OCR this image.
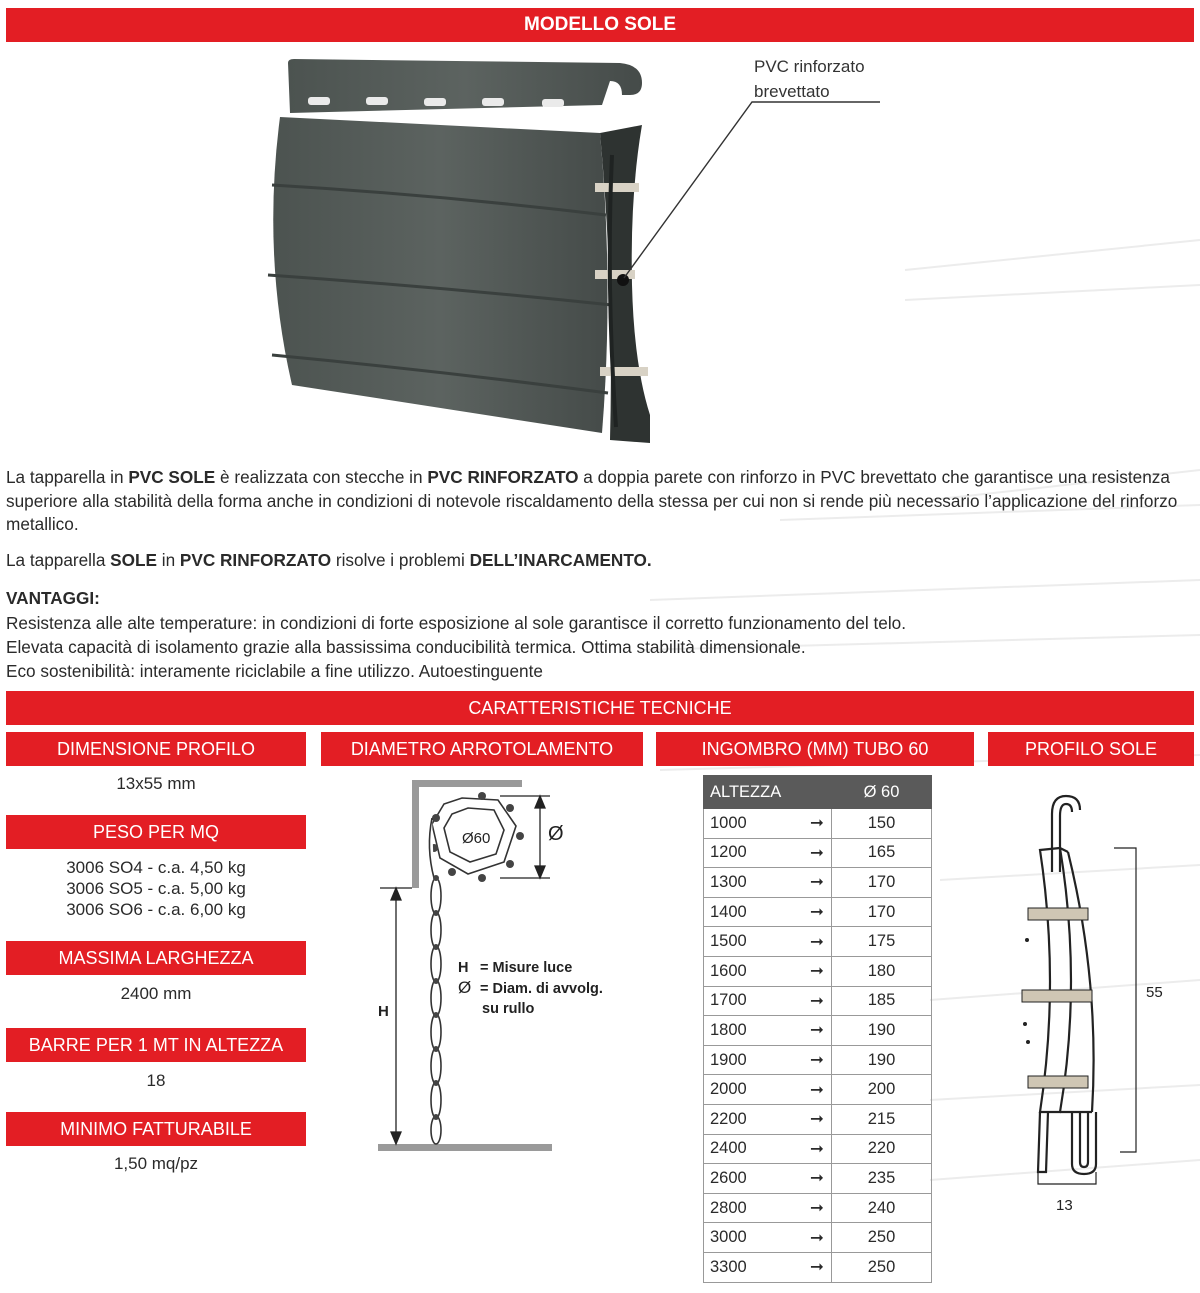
MODELLO SOLE
PVC rinforzato
brevettato
La tapparella in PVC SOLE è realizzata con stecche in PVC RINFORZATO a doppia parete con rinforzo in PVC brevettato che garantisce una resistenza superiore alla stabilità della forma anche in condizioni di notevole riscaldamento della stessa per cui non si rende più necessario l’applicazione del rinforzo metallico.
La tapparella SOLE in PVC RINFORZATO risolve i problemi DELL’INARCAMENTO.
VANTAGGI:
Resistenza alle alte temperature: in condizioni di forte esposizione al sole garantisce il corretto funzionamento del telo.
Elevata capacità di isolamento grazie alla bassissima conducibilità termica. Ottima stabilità dimensionale.
Eco sostenibilità: interamente riciclabile a fine utilizzo. Autoestinguente
CARATTERISTICHE TECNICHE
DIMENSIONE PROFILO	DIAMETRO ARROTOLAMENTO	INGOMBRO (MM) TUBO 60	PROFILO SOLE
13x55 mm
PESO PER MQ
3006 SO4 - c.a. 4,50 kg
3006 SO5 - c.a. 5,00 kg
3006 SO6 - c.a. 6,00 kg
MASSIMA LARGHEZZA
2400 mm
BARRE PER 1 MT IN ALTEZZA
18
MINIMO FATTURABILE
1,50 mq/pz
Ø60	Ø
H
H = Misure luce
Ø = Diam. di avvolg.
su rullo
ALTEZZA		Ø 60
1000	➞	150
1200	➞	165
1300	➞	170
1400	➞	170
1500	➞	175
1600	➞	180
1700	➞	185
1800	➞	190
1900	➞	190
2000	➞	200
2200	➞	215
2400	➞	220
2600	➞	235
2800	➞	240
3000	➞	250
3300	➞	250
55
13
